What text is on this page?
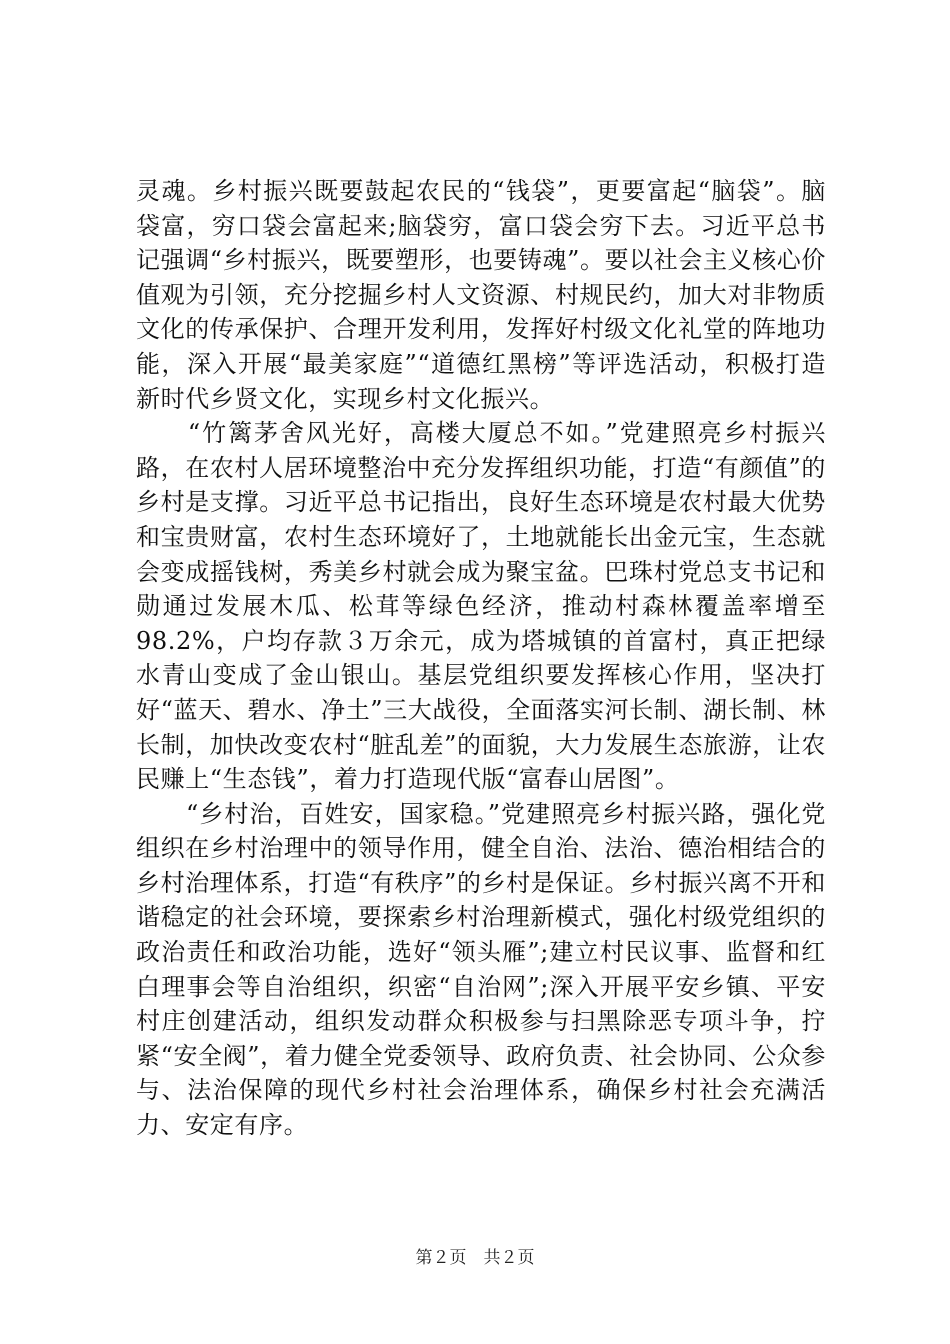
灵魂。乡村振兴既要鼓起农民的“钱袋”，更要富起“脑袋”。脑袋富，穷口袋会富起来;脑袋穷，富口袋会穷下去。习近平总书记强调“乡村振兴，既要塑形，也要铸魂”。要以社会主义核心价值观为引领，充分挖掘乡村人文资源、村规民约，加大对非物质文化的传承保护、合理开发利用，发挥好村级文化礼堂的阵地功能，深入开展“最美家庭”“道德红黑榜”等评选活动，积极打造新时代乡贤文化，实现乡村文化振兴。

　　“竹篱茅舍风光好，高楼大厦总不如。”党建照亮乡村振兴路，在农村人居环境整治中充分发挥组织功能，打造“有颜值”的乡村是支撑。习近平总书记指出，良好生态环境是农村最大优势和宝贵财富，农村生态环境好了，土地就能长出金元宝，生态就会变成摇钱树，秀美乡村就会成为聚宝盆。巴珠村党总支书记和勋通过发展木瓜、松茸等绿色经济，推动村森林覆盖率增至98.2%，户均存款３万余元，成为塔城镇的首富村，真正把绿水青山变成了金山银山。基层党组织要发挥核心作用，坚决打好“蓝天、碧水、净土”三大战役，全面落实河长制、湖长制、林长制，加快改变农村“脏乱差”的面貌，大力发展生态旅游，让农民赚上“生态钱”，着力打造现代版“富春山居图”。

　　“乡村治，百姓安，国家稳。”党建照亮乡村振兴路，强化党组织在乡村治理中的领导作用，健全自治、法治、德治相结合的乡村治理体系，打造“有秩序”的乡村是保证。乡村振兴离不开和谐稳定的社会环境，要探索乡村治理新模式，强化村级党组织的政治责任和政治功能，选好“领头雁”;建立村民议事、监督和红白理事会等自治组织，织密“自治网”;深入开展平安乡镇、平安村庄创建活动，组织发动群众积极参与扫黑除恶专项斗争，拧紧“安全阀”，着力健全党委领导、政府负责、社会协同、公众参与、法治保障的现代乡村社会治理体系，确保乡村社会充满活力、安定有序。

第２页　共２页
